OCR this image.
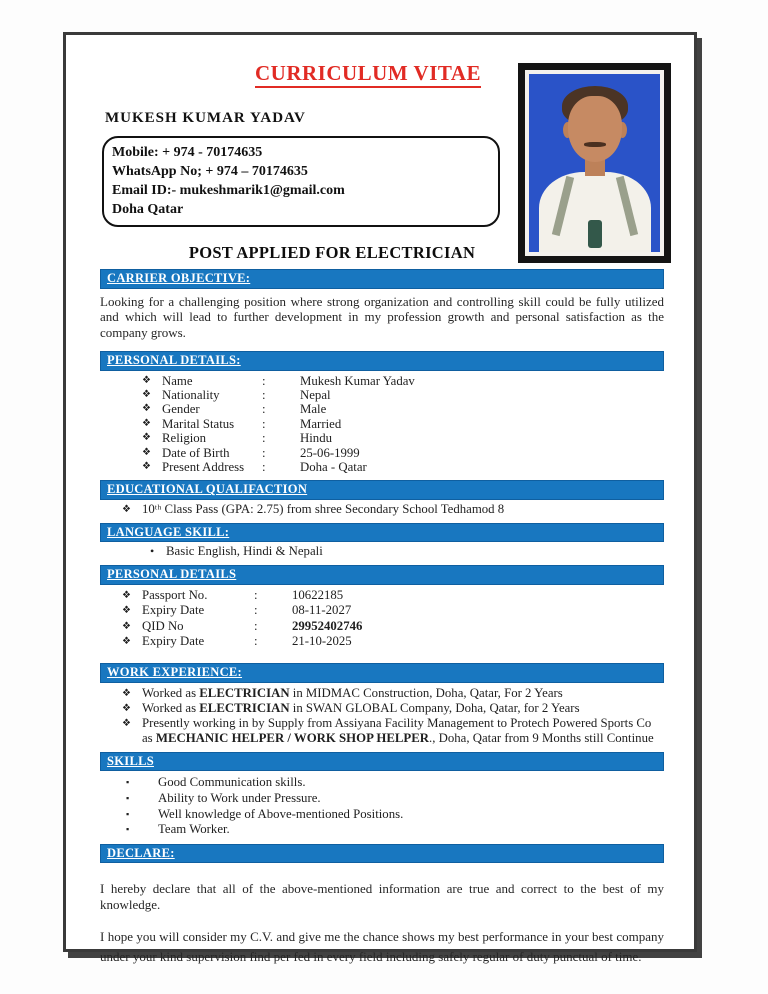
CURRICULUM VITAE
MUKESH KUMAR YADAV
Mobile: + 974 - 70174635
WhatsApp No; + 974 – 70174635
Email ID:- mukeshmarik1@gmail.com
Doha Qatar
POST APPLIED FOR ELECTRICIAN
CARRIER OBJECTIVE:

Looking for a challenging position where strong organization and controlling skill could be fully utilized and which will lead to further development in my profession growth and personal satisfaction as the company grows.

PERSONAL DETAILS:
❖ Name	:	Mukesh Kumar Yadav
❖ Nationality	:	Nepal
❖ Gender	:	Male
❖ Marital Status	:	Married
❖ Religion	:	Hindu
❖ Date of Birth	:	25-06-1999
❖ Present Address	:	Doha - Qatar
EDUCATIONAL QUALIFACTION
❖ 10ᵗʰ Class Pass (GPA: 2.75) from shree Secondary School Tedhamod 8
LANGUAGE SKILL:
• Basic English, Hindi & Nepali
PERSONAL DETAILS
❖ Passport No.	:	10622185
❖ Expiry Date	:	08-11-2027
❖ QID No	:	29952402746
❖ Expiry Date	:	21-10-2025
WORK EXPERIENCE:
❖ Worked as ELECTRICIAN in MIDMAC Construction, Doha, Qatar, For 2 Years
❖ Worked as ELECTRICIAN in SWAN GLOBAL Company, Doha, Qatar, for 2 Years
❖ Presently working in by Supply from Assiyana Facility Management to Protech Powered Sports Co as MECHANIC HELPER / WORK SHOP HELPER., Doha, Qatar from 9 Months still Continue
SKILLS
▪	Good Communication skills.
▪	Ability to Work under Pressure.
▪	Well knowledge of Above-mentioned Positions.
▪	Team Worker.
DECLARE:

I hereby declare that all of the above-mentioned information are true and correct to the best of my knowledge.

I hope you will consider my C.V. and give me the chance shows my best performance in your best company under your kind supervision find per fed in every field including safely regular of duty punctual of time.
